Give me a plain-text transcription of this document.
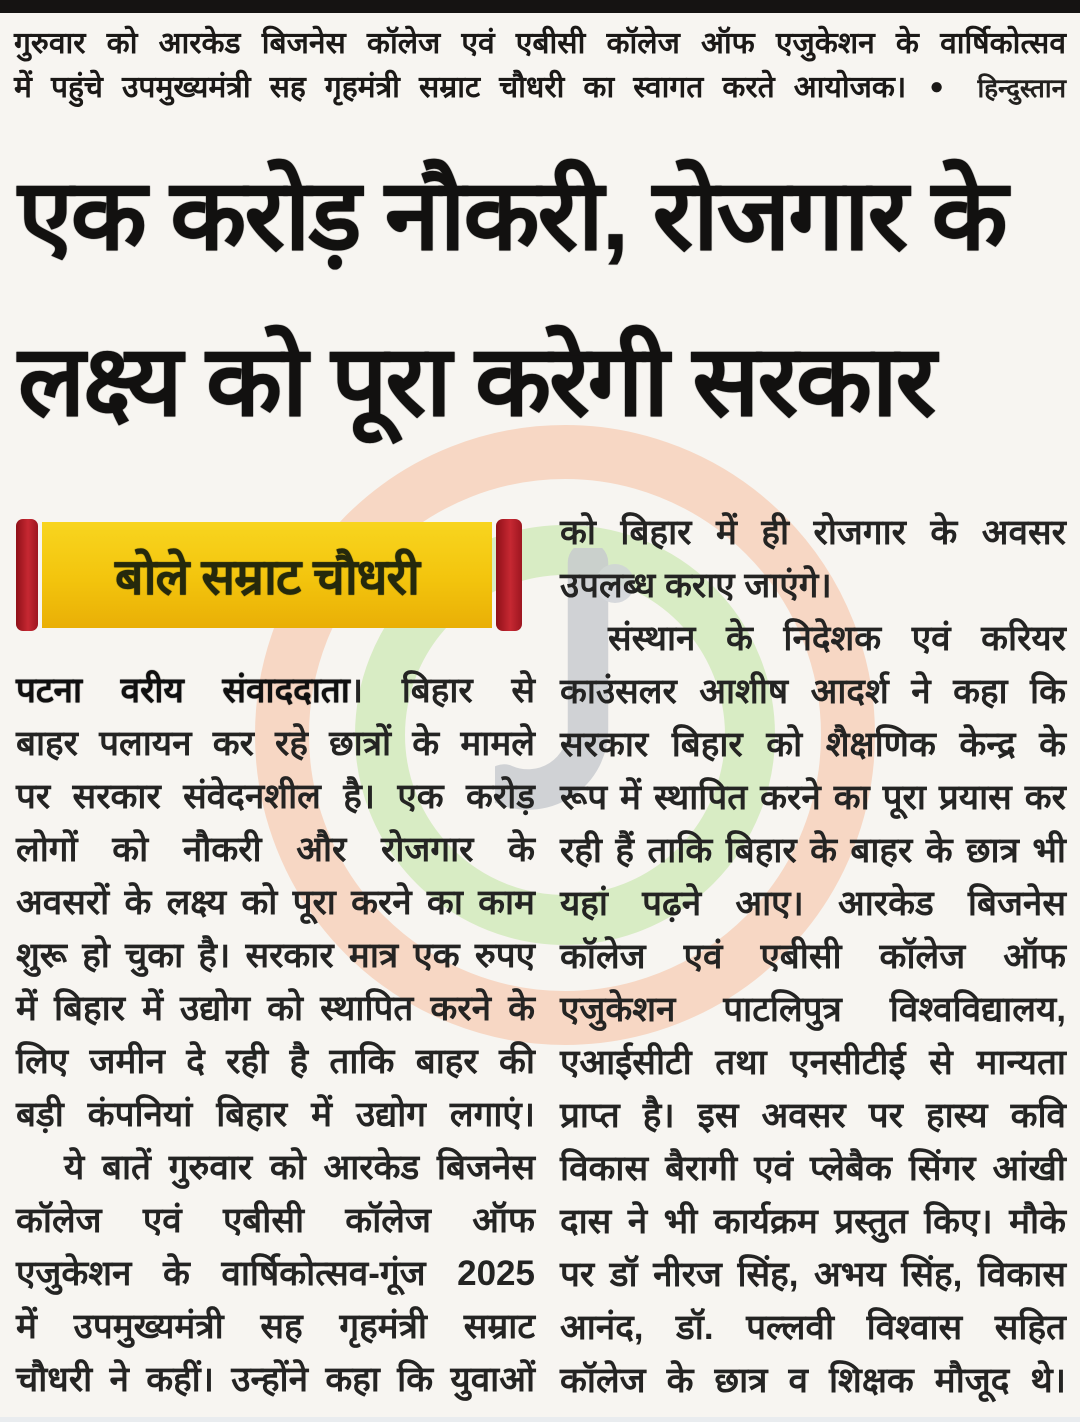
गुरुवार को आरकेड बिजनेस कॉलेज एवं एबीसी कॉलेज ऑफ एजुकेशन के वार्षिकोत्सव
में पहुंचे उपमुख्यमंत्री सह गृहमंत्री सम्राट चौधरी का स्वागत करते आयोजक। ● हिन्दुस्तान
एक करोड़ नौकरी, रोजगार के
लक्ष्य को पूरा करेगी सरकार
बोले सम्राट चौधरी
पटना वरीय संवाददाता। बिहार से
बाहर पलायन कर रहे छात्रों के मामले
पर सरकार संवेदनशील है। एक करोड़
लोगों को नौकरी और रोजगार के
अवसरों के लक्ष्य को पूरा करने का काम
शुरू हो चुका है। सरकार मात्र एक रुपए
में बिहार में उद्योग को स्थापित करने के
लिए जमीन दे रही है ताकि बाहर की
बड़ी कंपनियां बिहार में उद्योग लगाएं।
ये बातें गुरुवार को आरकेड बिजनेस
कॉलेज एवं एबीसी कॉलेज ऑफ
एजुकेशन के वार्षिकोत्सव-गूंज 2025
में उपमुख्यमंत्री सह गृहमंत्री सम्राट
चौधरी ने कहीं। उन्होंने कहा कि युवाओं
को बिहार में ही रोजगार के अवसर
उपलब्ध कराए जाएंगे।
संस्थान के निदेशक एवं करियर
काउंसलर आशीष आदर्श ने कहा कि
सरकार बिहार को शैक्षणिक केन्द्र के
रूप में स्थापित करने का पूरा प्रयास कर
रही हैं ताकि बिहार के बाहर के छात्र भी
यहां पढ़ने आए। आरकेड बिजनेस
कॉलेज एवं एबीसी कॉलेज ऑफ
एजुकेशन पाटलिपुत्र विश्वविद्यालय,
एआईसीटी तथा एनसीटीई से मान्यता
प्राप्त है। इस अवसर पर हास्य कवि
विकास बैरागी एवं प्लेबैक सिंगर आंखी
दास ने भी कार्यक्रम प्रस्तुत किए। मौके
पर डॉ नीरज सिंह, अभय सिंह, विकास
आनंद, डॉ. पल्लवी विश्वास सहित
कॉलेज के छात्र व शिक्षक मौजूद थे।
